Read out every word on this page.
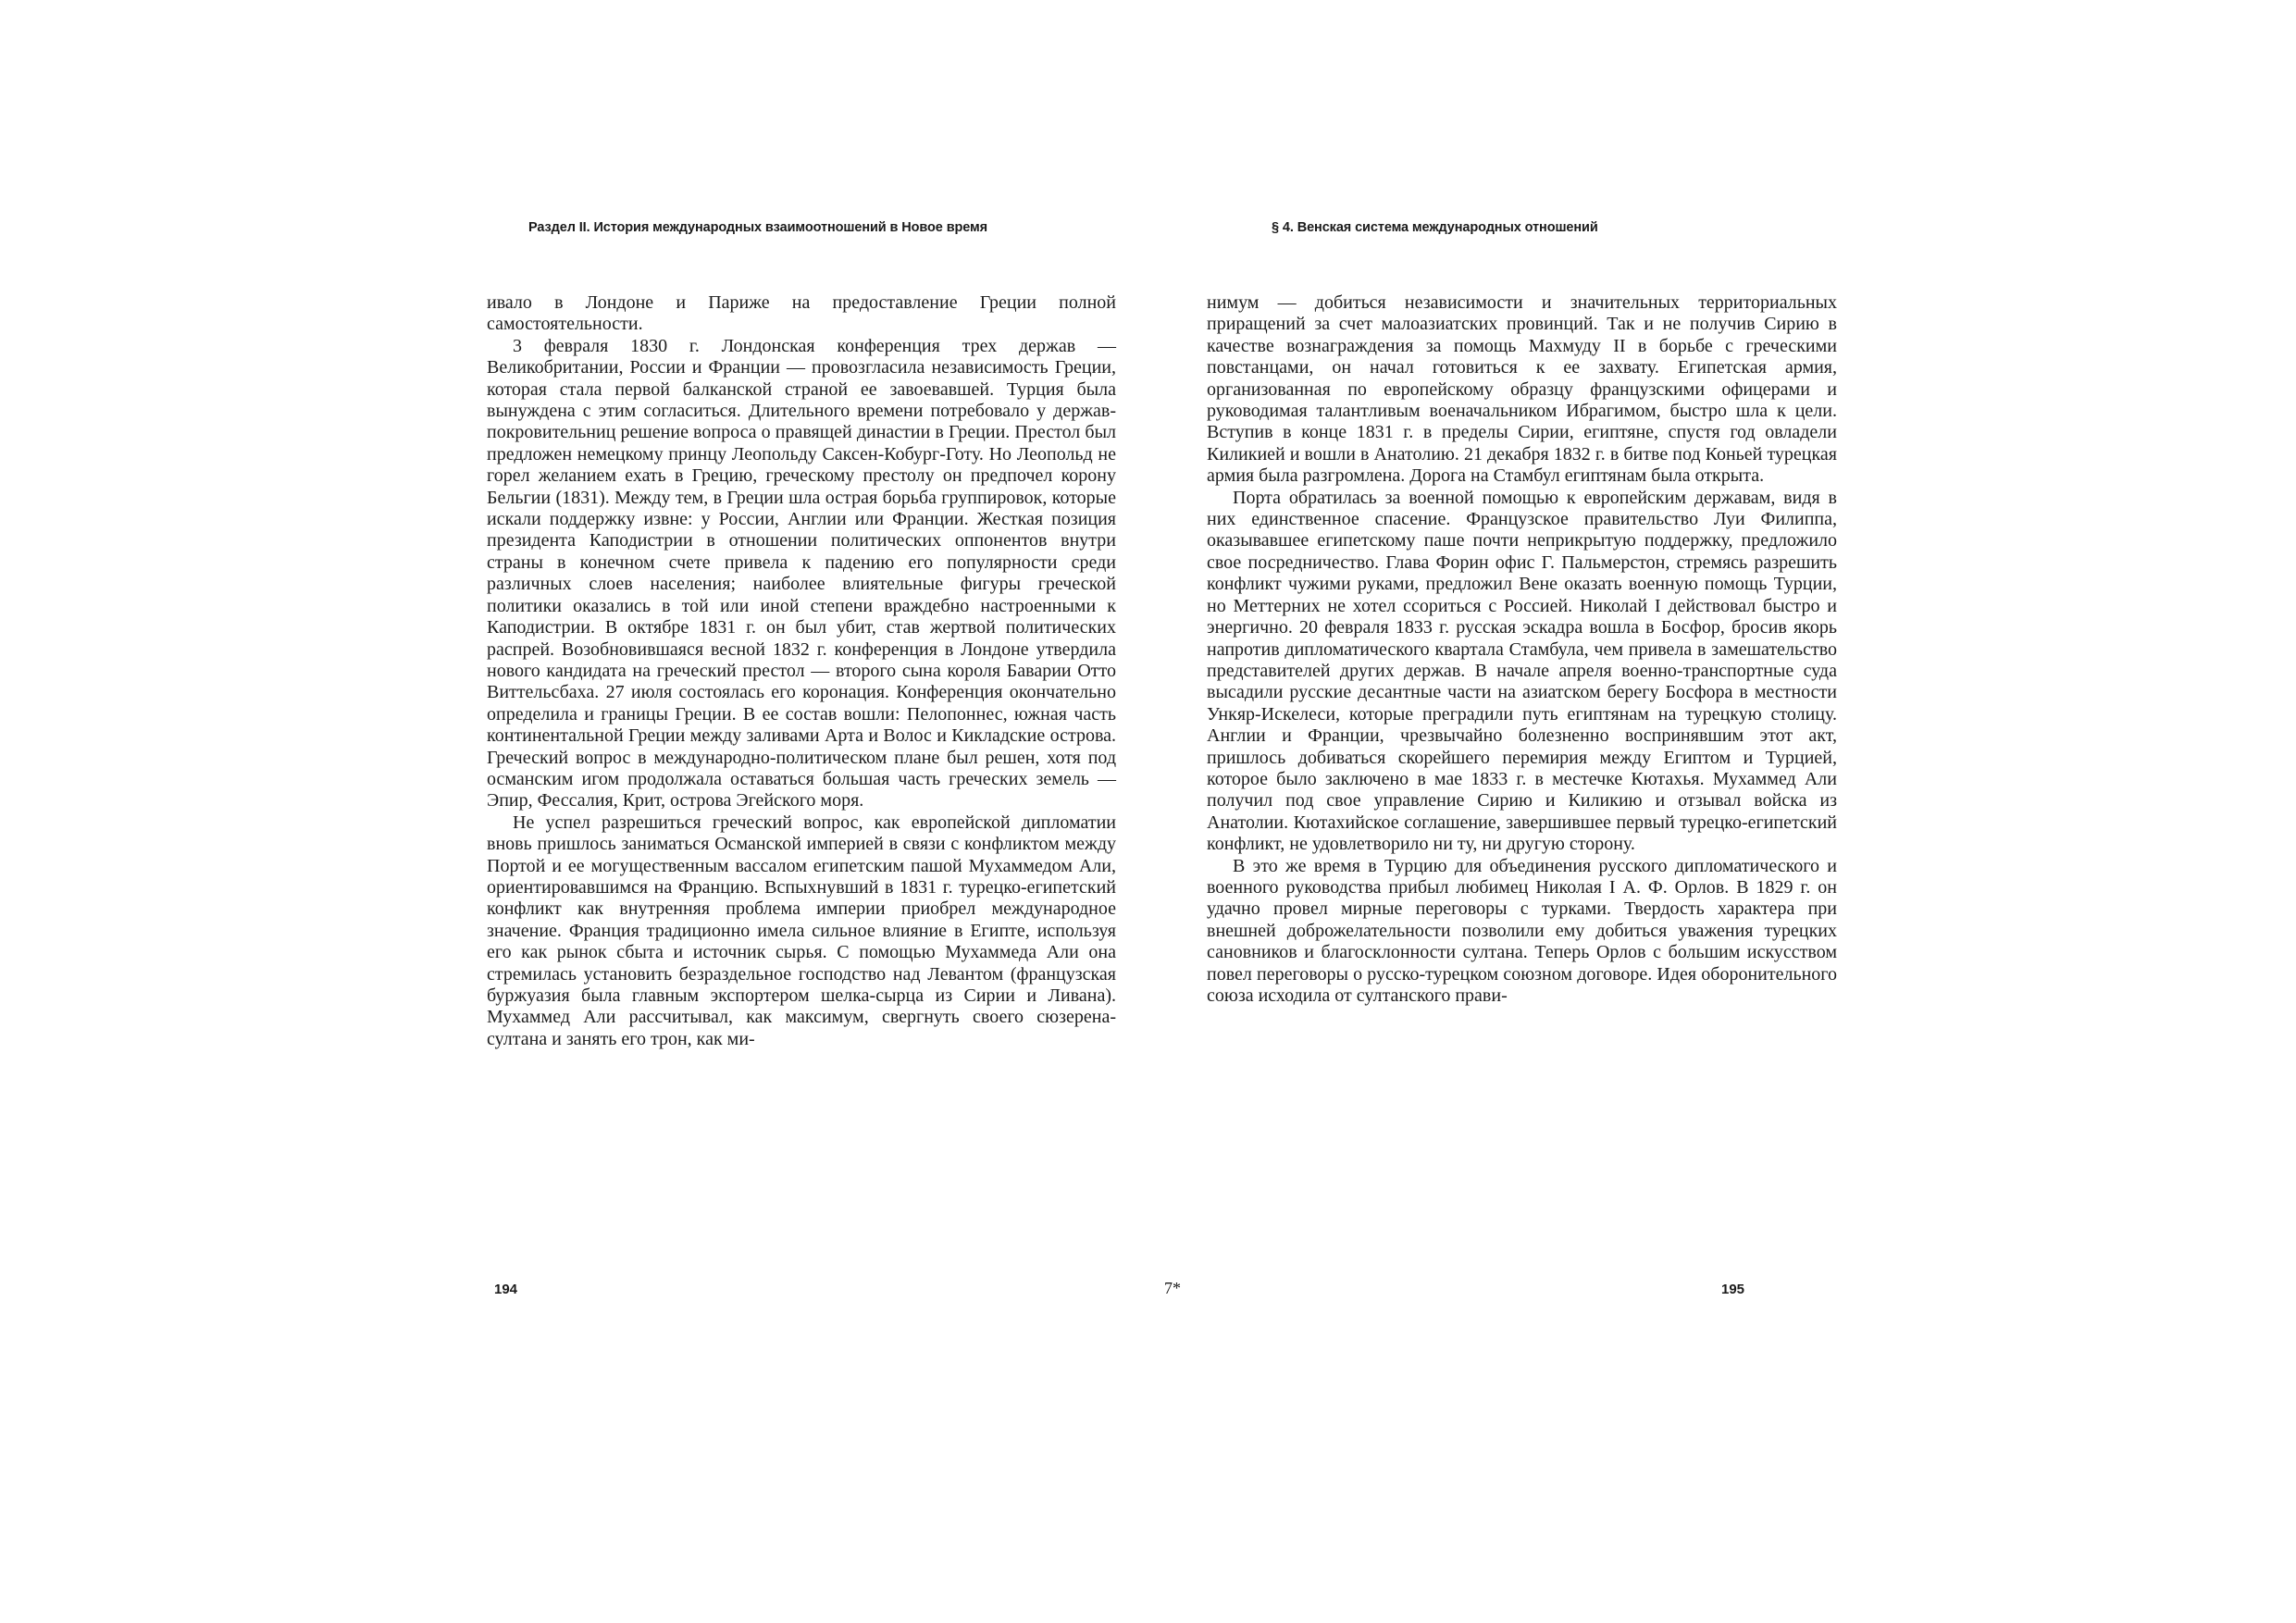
Раздел II. История международных взаимоотношений в Новое время	§ 4. Венская система международных отношений

ивало в Лондоне и Париже на предоставление Греции полной самостоятельности.

3 февраля 1830 г. Лондонская конференция трех держав — Великобритании, России и Франции — провозгласила независимость Греции, которая стала первой балканской страной ее завоевавшей. Турция была вынуждена с этим согласиться. Длительного времени потребовало у держав-покровительниц решение вопроса о правящей династии в Греции. Престол был предложен немецкому принцу Леопольду Саксен-Кобург-Готу. Но Леопольд не горел желанием ехать в Грецию, греческому престолу он предпочел корону Бельгии (1831). Между тем, в Греции шла острая борьба группировок, которые искали поддержку извне: у России, Англии или Франции. Жесткая позиция президента Каподистрии в отношении политических оппонентов внутри страны в конечном счете привела к падению его популярности среди различных слоев населения; наиболее влиятельные фигуры греческой политики оказались в той или иной степени враждебно настроенными к Каподистрии. В октябре 1831 г. он был убит, став жертвой политических распрей. Возобновившаяся весной 1832 г. конференция в Лондоне утвердила нового кандидата на греческий престол — второго сына короля Баварии Отто Виттельсбаха. 27 июля состоялась его коронация. Конференция окончательно определила и границы Греции. В ее состав вошли: Пелопоннес, южная часть континентальной Греции между заливами Арта и Волос и Кикладские острова. Греческий вопрос в международно-политическом плане был решен, хотя под османским игом продолжала оставаться большая часть греческих земель — Эпир, Фессалия, Крит, острова Эгейского моря.

Не успел разрешиться греческий вопрос, как европейской дипломатии вновь пришлось заниматься Османской империей в связи с конфликтом между Портой и ее могущественным вассалом египетским пашой Мухаммедом Али, ориентировавшимся на Францию. Вспыхнувший в 1831 г. турецко-египетский конфликт как внутренняя проблема империи приобрел международное значение. Франция традиционно имела сильное влияние в Египте, используя его как рынок сбыта и источник сырья. С помощью Мухаммеда Али она стремилась установить безраздельное господство над Левантом (французская буржуазия была главным экспортером шелка-сырца из Сирии и Ливана). Мухаммед Али рассчитывал, как максимум, свергнуть своего сюзерена-султана и занять его трон, как ми-

нимум — добиться независимости и значительных территориальных приращений за счет малоазиатских провинций. Так и не получив Сирию в качестве вознаграждения за помощь Махмуду II в борьбе с греческими повстанцами, он начал готовиться к ее захвату. Египетская армия, организованная по европейскому образцу французскими офицерами и руководимая талантливым военачальником Ибрагимом, быстро шла к цели. Вступив в конце 1831 г. в пределы Сирии, египтяне, спустя год овладели Киликией и вошли в Анатолию. 21 декабря 1832 г. в битве под Коньей турецкая армия была разгромлена. Дорога на Стамбул египтянам была открыта.

Порта обратилась за военной помощью к европейским державам, видя в них единственное спасение. Французское правительство Луи Филиппа, оказывавшее египетскому паше почти неприкрытую поддержку, предложило свое посредничество. Глава Форин офис Г. Пальмерстон, стремясь разрешить конфликт чужими руками, предложил Вене оказать военную помощь Турции, но Меттерних не хотел ссориться с Россией. Николай I действовал быстро и энергично. 20 февраля 1833 г. русская эскадра вошла в Босфор, бросив якорь напротив дипломатического квартала Стамбула, чем привела в замешательство представителей других держав. В начале апреля военно-транспортные суда высадили русские десантные части на азиатском берегу Босфора в местности Ункяр-Искелеси, которые преградили путь египтянам на турецкую столицу. Англии и Франции, чрезвычайно болезненно воспринявшим этот акт, пришлось добиваться скорейшего перемирия между Египтом и Турцией, которое было заключено в мае 1833 г. в местечке Кютахья. Мухаммед Али получил под свое управление Сирию и Киликию и отзывал войска из Анатолии. Кютахийское соглашение, завершившее первый турецко-египетский конфликт, не удовлетворило ни ту, ни другую сторону.

В это же время в Турцию для объединения русского дипломатического и военного руководства прибыл любимец Николая I А. Ф. Орлов. В 1829 г. он удачно провел мирные переговоры с турками. Твердость характера при внешней доброжелательности позволили ему добиться уважения турецких сановников и благосклонности султана. Теперь Орлов с большим искусством повел переговоры о русско-турецком союзном договоре. Идея оборонительного союза исходила от султанского прави-

194	7*	195
